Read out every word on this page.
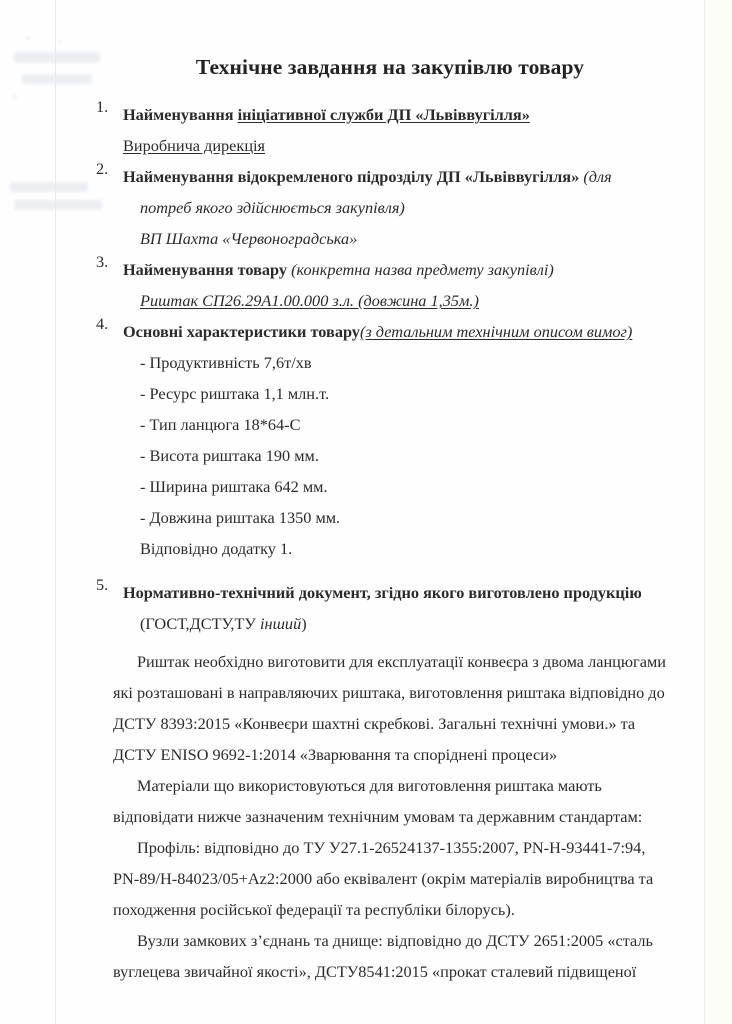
Технічне завдання на закупівлю товару
1. Найменування ініціативної служби ДП «Львіввугілля»
Виробнича дирекція
2. Найменування відокремленого підрозділу ДП «Львіввугілля» (для
потреб якого здійснюється закупівля)
ВП Шахта «Червоноградська»
3. Найменування товару (конкретна назва предмету закупівлі)
Риштак СП26.29А1.00.000 з.л. (довжина 1,35м.)
4. Основні характеристики товару(з детальним технічним описом вимог)
- Продуктивність 7,6т/хв
- Ресурс риштака 1,1 млн.т.
- Тип ланцюга 18*64-С
- Висота риштака 190 мм.
- Ширина риштака 642 мм.
- Довжина риштака 1350 мм.
Відповідно додатку 1.
5. Нормативно-технічний документ, згідно якого виготовлено продукцію
(ГОСТ,ДСТУ,ТУ інший)

Риштак необхідно виготовити для експлуатації конвеєра з двома ланцюгами
які розташовані в направляючих риштака, виготовлення риштака відповідно до
ДСТУ 8393:2015 «Конвеєри шахтні скребкові. Загальні технічні умови.» та
ДСТУ ENISO 9692-1:2014 «Зварювання та споріднені процеси»

Матеріали що використовуються для виготовлення риштака мають
відповідати нижче зазначеним технічним умовам та державним стандартам:

Профіль: відповідно до ТУ У27.1-26524137-1355:2007, PN-H-93441-7:94,
PN-89/H-84023/05+Az2:2000 або еквівалент (окрім матеріалів виробництва та
походження російської федерації та республіки білорусь).

Вузли замкових з’єднань та днище: відповідно до ДСТУ 2651:2005 «сталь
вуглецева звичайної якості», ДСТУ8541:2015 «прокат сталевий підвищеної
